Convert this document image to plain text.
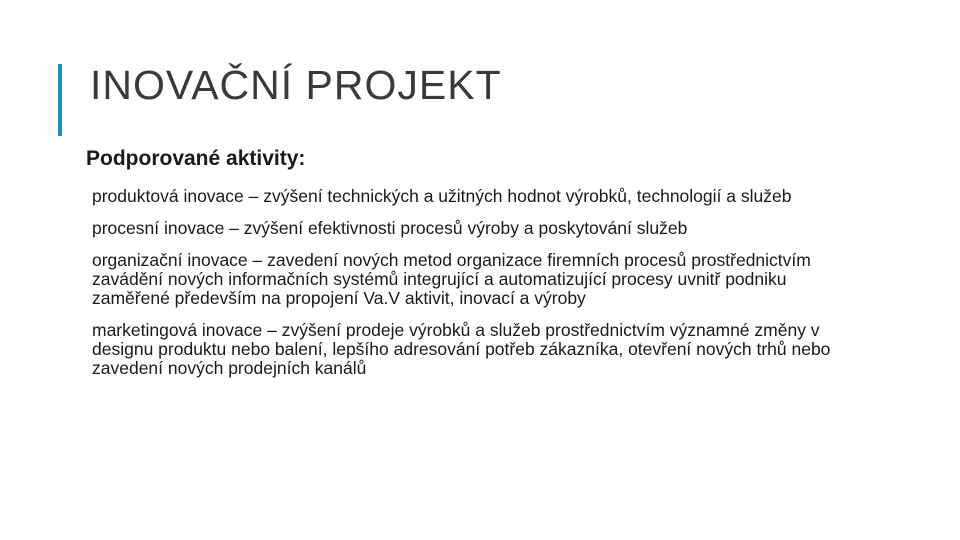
INOVAČNÍ PROJEKT
Podporované aktivity:
produktová inovace – zvýšení technických a užitných hodnot výrobků, technologií a služeb
procesní inovace – zvýšení efektivnosti procesů výroby a poskytování služeb
organizační inovace – zavedení nových metod organizace firemních procesů prostřednictvím zavádění nových informačních systémů integrující a automatizující procesy uvnitř podniku zaměřené především na propojení Va.V aktivit, inovací a výroby
marketingová inovace – zvýšení prodeje výrobků a služeb prostřednictvím významné změny v designu produktu nebo balení, lepšího adresování potřeb zákazníka, otevření nových trhů nebo zavedení nových prodejních kanálů
